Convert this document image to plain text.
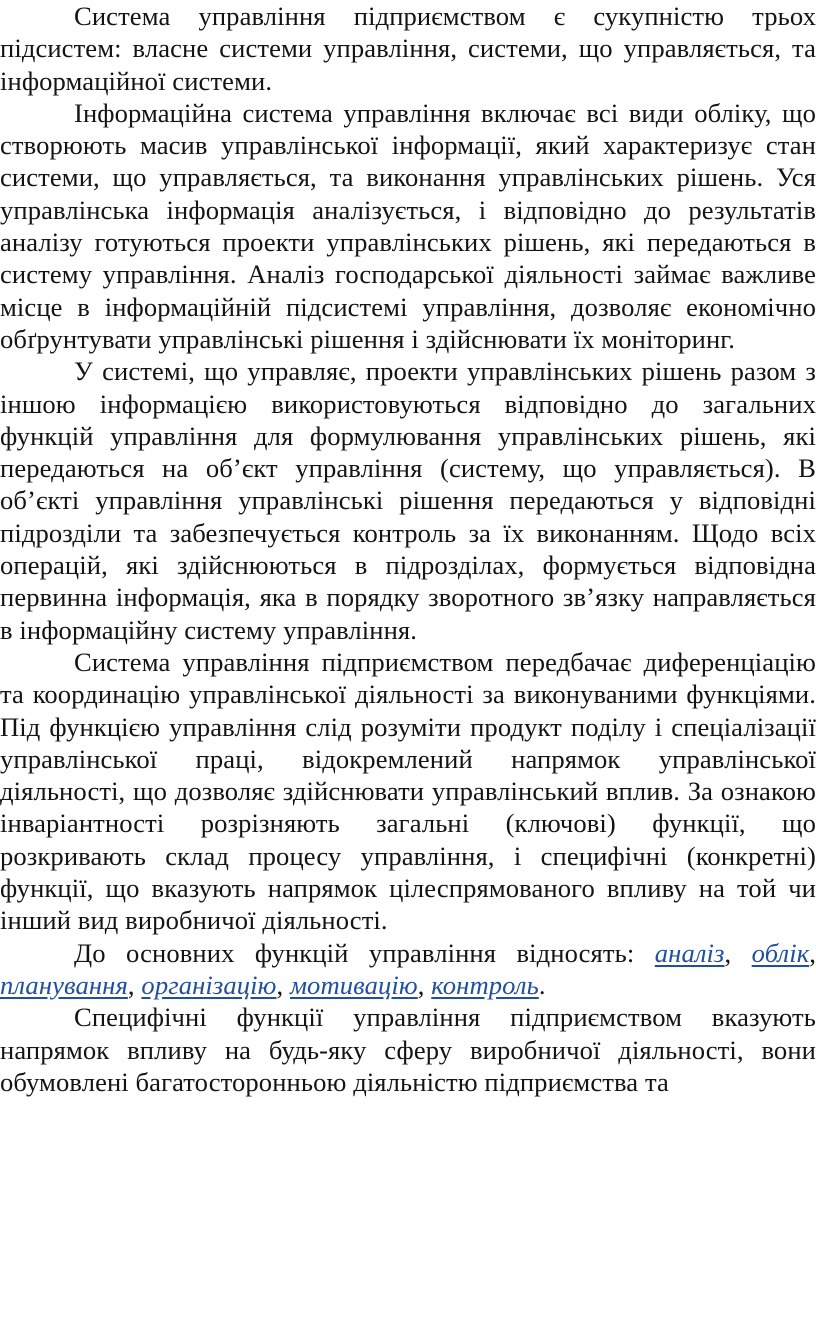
Система управління підприємством є сукупністю трьох підсистем: власне системи управління, системи, що управляється, та інформаційної системи.

Інформаційна система управління включає всі види обліку, що створюють масив управлінської інформації, який характеризує стан системи, що управляється, та виконання управлінських рішень. Уся управлінська інформація аналізується, і відповідно до результатів аналізу готуються проекти управлінських рішень, які передаються в систему управління. Аналіз господарської діяльності займає важливе місце в інформаційній підсистемі управління, дозволяє економічно обґрунтувати управлінські рішення і здійснювати їх моніторинг.

У системі, що управляє, проекти управлінських рішень разом з іншою інформацією використовуються відповідно до загальних функцій управління для формулювання управлінських рішень, які передаються на об’єкт управління (систему, що управляється). В об’єкті управління управлінські рішення передаються у відповідні підрозділи та забезпечується контроль за їх виконанням. Щодо всіх операцій, які здійснюються в підрозділах, формується відповідна первинна інформація, яка в порядку зворотного зв’язку направляється в інформаційну систему управління.

Система управління підприємством передбачає диференціацію та координацію управлінської діяльності за виконуваними функціями. Під функцією управління слід розуміти продукт поділу і спеціалізації управлінської праці, відокремлений напрямок управлінської діяльності, що дозволяє здійснювати управлінський вплив. За ознакою інваріантності розрізняють загальні (ключові) функції, що розкривають склад процесу управління, і специфічні (конкретні) функції, що вказують напрямок цілеспрямованого впливу на той чи інший вид виробничої діяльності.

До основних функцій управління відносять: аналіз, облік, планування, організацію, мотивацію, контроль.

Специфічні функції управління підприємством вказують напрямок впливу на будь-яку сферу виробничої діяльності, вони обумовлені багатосторонньою діяльністю підприємства та
